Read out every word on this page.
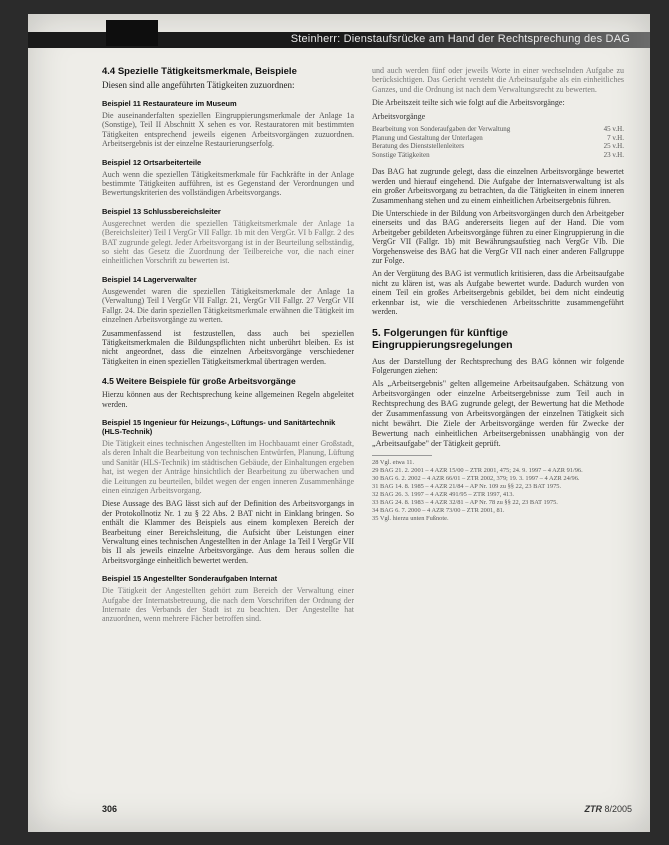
Steinherr: Dienstaufsrücke am Hand der Rechtsprechung des DAG
4.4 Spezielle Tätigkeitsmerkmale, Beispiele
Diesen sind alle angeführten Tätigkeiten zuzuordnen:
Beispiel 11 Restaurateure im Museum
Die auseinanderfalten speziellen Eingruppierungsmerkmale der Anlage 1a (Sonstige), Teil II Abschnitt X sehen es vor. Restauratoren mit bestimmten Tätigkeiten entsprechend jeweils eigenen Arbeitsvorgängen zuzuordnen. Arbeitsergebnis ist der einzelne Restaurierungserfolg.
Beispiel 12 Ortsarbeiterteile
Auch wenn die speziellen Tätigkeitsmerkmale für Fachkräfte in der Anlage bestimmte Tätigkeiten aufführen, ist es Gegenstand der Verordnungen und Bewertungskriterien des vollständigen Arbeitsvorgangs.
Beispiel 13 Schlussbereichsleiter
Ausgerechnet werden die speziellen Tätigkeitsmerkmale der Anlage 1a (Bereichsleiter) Teil I VergGr VII Fallgr. 1b mit den VergGr. VI b Fallgr. 2 des BAT zugrunde gelegt. Jeder Arbeitsvorgang ist in der Beurteilung selbständig, so sieht das Gesetz die Zuordnung der Teilbereiche vor, die nach einer einheitlichen Vorschrift zu bewerten ist.
Beispiel 14 Lagerverwalter
Ausgewendet waren die speziellen Tätigkeitsmerkmale der Anlage 1a (Verwaltung) Teil I VergGr VII Fallgr. 21, VergGr VII Fallgr. 27 VergGr VII Fallgr. 24. Die darin speziellen Tätigkeitsmerkmale erwähnen die Tätigkeit im einzelnen Arbeitsvorgänge zu werten.
Zusammenfassend ist festzustellen, dass auch bei speziellen Tätigkeitsmerkmalen die Bildungspflichten nicht unberührt bleiben. Es ist nicht angeordnet, dass die einzelnen Arbeitsvorgänge verschiedener Tätigkeiten in einen speziellen Tätigkeitsmerkmal übertragen werden.
4.5 Weitere Beispiele für große Arbeitsvorgänge
Hierzu können aus der Rechtsprechung keine allgemeinen Regeln abgeleitet werden.
Beispiel 15 Ingenieur für Heizungs-, Lüftungs- und Sanitärtechnik (HLS-Technik)
Die Tätigkeit eines technischen Angestellten im Hochbauamt einer Großstadt, als deren Inhalt die Bearbeitung von technischen Entwürfen, Planung, Lüftung und Sanitär (HLS-Technik) im städtischen Gebäude, der Einhaltungen ergeben hat, ist wegen der Anträge hinsichtlich der Bearbeitung zu überwachen und die Leitungen zu beurteilen, bildet wegen der engen inneren Zusammenhänge einen einzigen Arbeitsvorgang.
Diese Aussage des BAG lässt sich auf der Definition des Arbeitsvorgangs in der Protokollnotiz Nr. 1 zu § 22 Abs. 2 BAT nicht in Einklang bringen. So enthält die Klammer des Beispiels aus einem komplexen Bereich der Bearbeitung einer Bereichsleitung, die Aufsicht über Leistungen einer Verwaltung eines technischen Angestellten in der Anlage 1a Teil I VergGr VII bis II als jeweils einzelne Arbeitsvorgänge. Aus dem heraus sollen die Arbeitsvorgänge einheitlich bewertet werden.
Beispiel 15 Angestellter Sonderaufgaben Internat
Die Tätigkeit der Angestellten gehört zum Bereich der Verwaltung einer Aufgabe der Internatsbetreuung, die nach dem Vorschriften der Ordnung der Internate des Verbands der Stadt ist zu beachten. Der Angestellte hat anzuordnen, wenn mehrere Fächer betroffen sind.
und auch werden fünf oder jeweils Worte in einer wechselnden Aufgabe zu berücksichtigen. Das Gericht versteht die Arbeitsaufgabe als ein einheitliches Ganzes, und die Ordnung ist nach dem Verwaltungsrecht zu bewerten.
Die Arbeitszeit teilte sich wie folgt auf die Arbeitsvorgänge:
Arbeitsvorgänge
Bearbeitung von Sonderaufgaben der Verwaltung	45 v.H.
Planung und Gestaltung der Unterlagen	7 v.H.
Beratung des Dienststellenleiters	25 v.H.
Sonstige Tätigkeiten	23 v.H.
Das BAG hat zugrunde gelegt, dass die einzelnen Arbeitsvorgänge bewertet werden und hierauf eingehend. Die Aufgabe der Internatsverwaltung ist als ein großer Arbeitsvorgang zu betrachten, da die Tätigkeiten in einem inneren Zusammenhang stehen und zu einem einheitlichen Arbeitsergebnis führen.
Die Unterschiede in der Bildung von Arbeitsvorgängen durch den Arbeitgeber einerseits und das BAG andererseits liegen auf der Hand. Die vom Arbeitgeber gebildeten Arbeitsvorgänge führen zu einer Eingruppierung in die VergGr VII (Fallgr. 1b) mit Bewährungsaufstieg nach VergGr VIb. Die Vorgehensweise des BAG hat die VergGr VII nach einer anderen Fallgruppe zur Folge.
An der Vergütung des BAG ist vermutlich kritisieren, dass die Arbeitsaufgabe nicht zu klären ist, was als Aufgabe bewertet wurde. Dadurch wurden von einem Teil ein großes Arbeitsergebnis gebildet, bei dem nicht eindeutig erkennbar ist, wie die verschiedenen Arbeitsschritte zusammengeführt werden.
5. Folgerungen für künftige Eingruppierungsregelungen
Aus der Darstellung der Rechtsprechung des BAG können wir folgende Folgerungen ziehen:
Als „Arbeitsergebnis" gelten allgemeine Arbeitsaufgaben. Schätzung von Arbeitsvorgängen oder einzelne Arbeitsergebnisse zum Teil auch in Rechtsprechung des BAG zugrunde gelegt, der Bewertung hat die Methode der Zusammenfassung von Arbeitsvorgängen der einzelnen Tätigkeit sich nicht bewährt. Die Ziele der Arbeitsvorgänge werden für Zwecke der Bewertung nach einheitlichen Arbeitsergebnissen unabhängig von der „Arbeitsaufgabe" der Tätigkeit geprüft.

28 Vgl. etwa 11.

29 BAG 21. 2. 2001 – 4 AZR 15/00 – ZTR 2001, 475; 24. 9. 1997 – 4 AZR 91/96.

30 BAG 6. 2. 2002 – 4 AZR 66/01 – ZTR 2002, 379; 19. 3. 1997 – 4 AZR 24/96.

31 BAG 14. 8. 1985 – 4 AZR 21/84 – AP Nr. 109 zu §§ 22, 23 BAT 1975.

32 BAG 26. 3. 1997 – 4 AZR 491/95 – ZTR 1997, 413.

33 BAG 24. 8. 1983 – 4 AZR 32/81 – AP Nr. 78 zu §§ 22, 23 BAT 1975.

34 BAG 6. 7. 2000 – 4 AZR 73/00 – ZTR 2001, 81.

35 Vgl. hierzu unten Fußnote.

306	ZTR 8/2005
